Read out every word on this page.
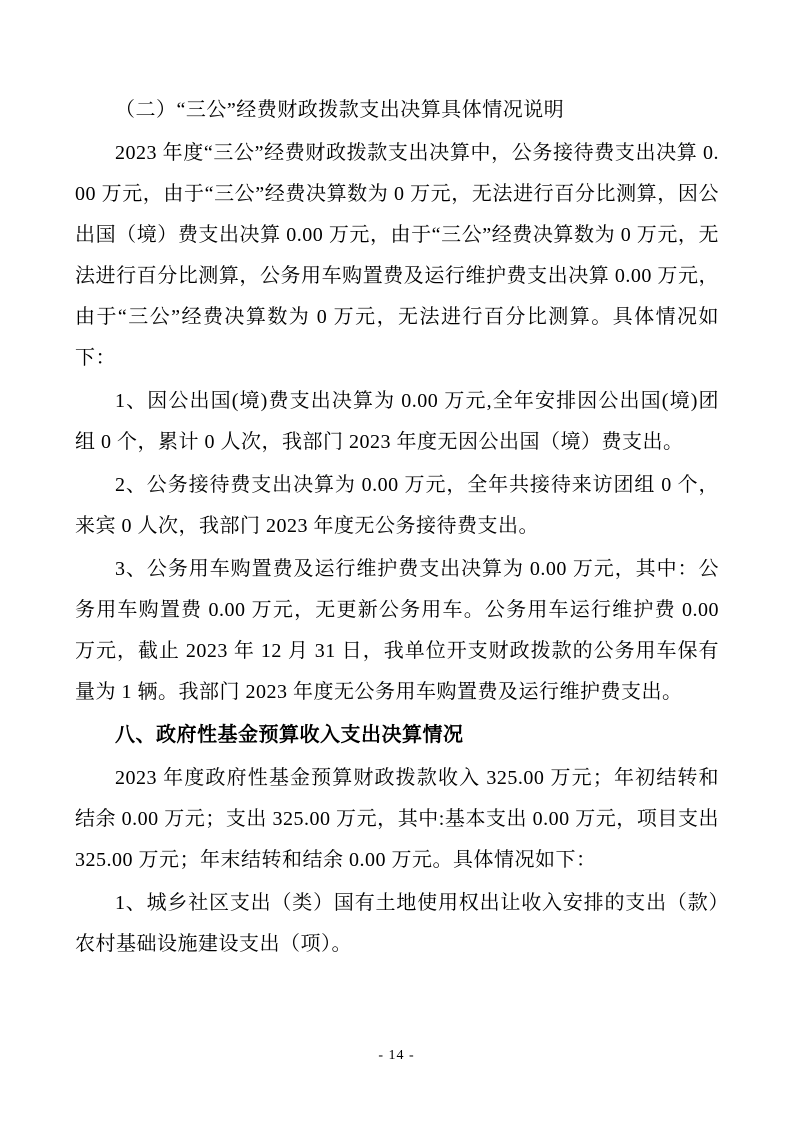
（二）“三公”经费财政拨款支出决算具体情况说明

2023 年度“三公”经费财政拨款支出决算中，公务接待费支出决算 0.00 万元，由于“三公”经费决算数为 0 万元，无法进行百分比测算，因公出国（境）费支出决算 0.00 万元，由于“三公”经费决算数为 0 万元，无法进行百分比测算，公务用车购置费及运行维护费支出决算 0.00 万元，由于“三公”经费决算数为 0 万元，无法进行百分比测算。具体情况如下：

1、因公出国(境)费支出决算为 0.00 万元,全年安排因公出国(境)团组 0 个，累计 0 人次，我部门 2023 年度无因公出国（境）费支出。

2、公务接待费支出决算为 0.00 万元，全年共接待来访团组 0 个，来宾 0 人次，我部门 2023 年度无公务接待费支出。

3、公务用车购置费及运行维护费支出决算为 0.00 万元，其中：公务用车购置费 0.00 万元，无更新公务用车。公务用车运行维护费 0.00 万元，截止 2023 年 12 月 31 日，我单位开支财政拨款的公务用车保有量为 1 辆。我部门 2023 年度无公务用车购置费及运行维护费支出。

八、政府性基金预算收入支出决算情况

2023 年度政府性基金预算财政拨款收入 325.00 万元；年初结转和结余 0.00 万元；支出 325.00 万元，其中:基本支出 0.00 万元，项目支出 325.00 万元；年末结转和结余 0.00 万元。具体情况如下：

1、城乡社区支出（类）国有土地使用权出让收入安排的支出（款）农村基础设施建设支出（项）。

- 14 -
